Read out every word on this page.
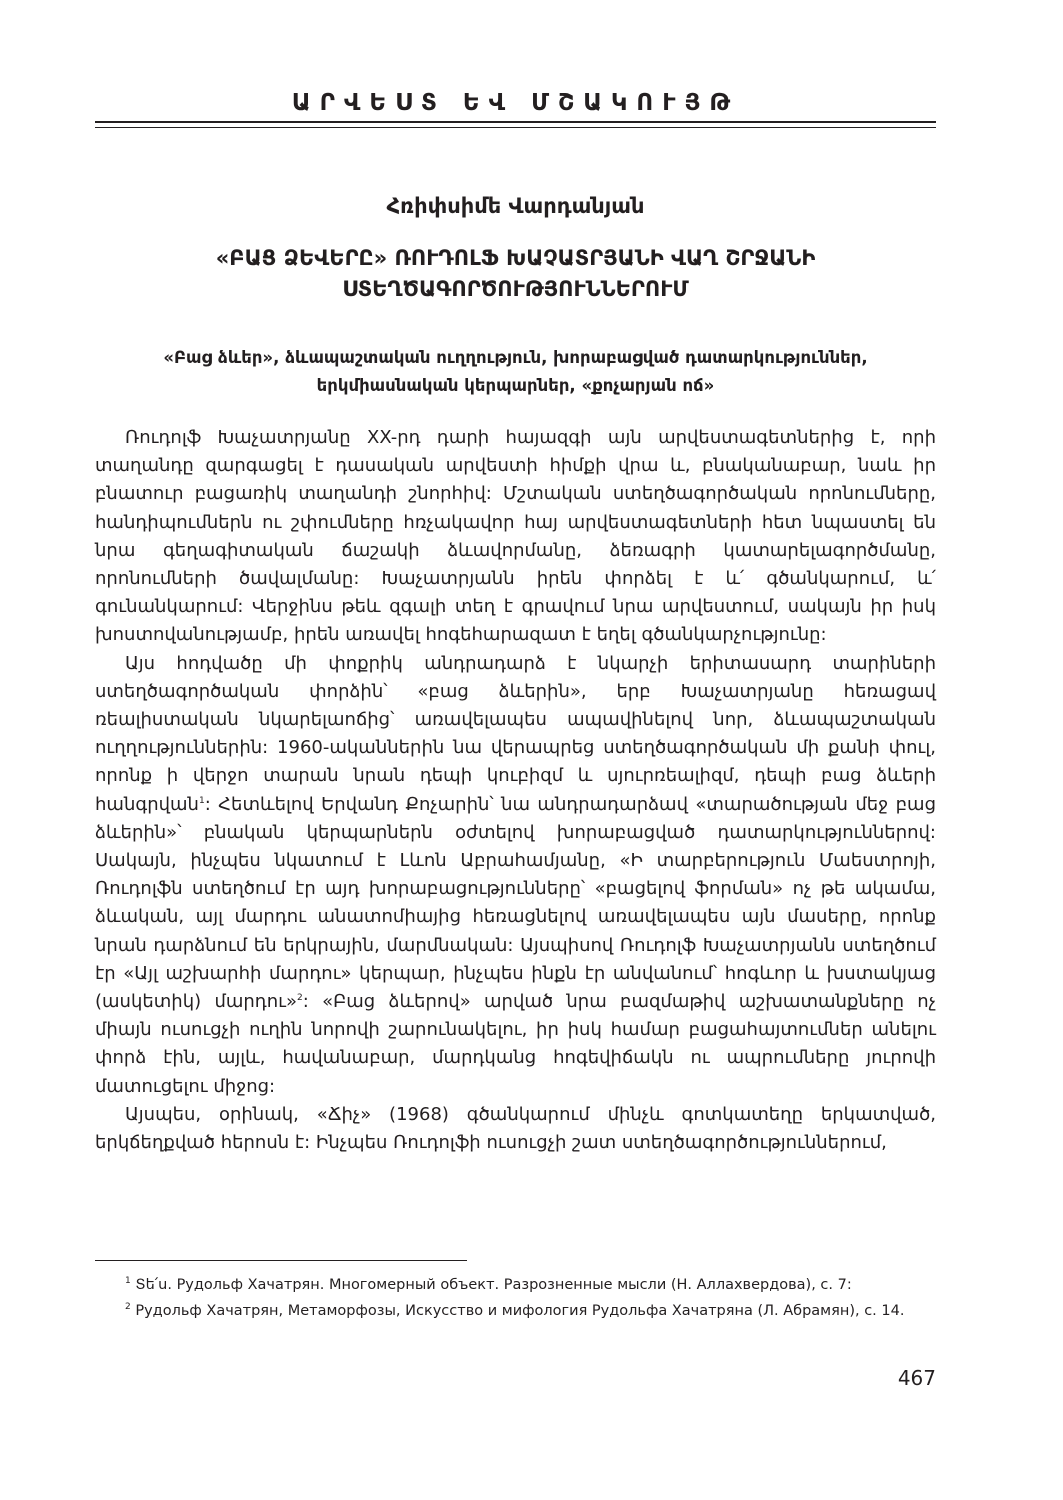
ԱՐՎԵՍՏ ԵՎ ՄՇԱԿՈՒՅԹ
Հռիփսիմե Վարդանյան
«ԲԱՑ ՁԵՎԵՐԸ» ՌՈՒԴՈԼՖ ԽԱՉԱՏՐՅԱՆԻ ՎԱՂ ՇՐՋԱՆԻ
ՍՏԵՂԾԱԳՈՐԾՈՒԹՅՈՒՆՆԵՐՈՒՄ
«Բաց ձևեր», ձևապաշտական ուղղություն, խորաբացված դատարկություններ,
երկմիասնական կերպարներ, «քոչարյան ոճ»

Ռուդոլֆ Խաչատրյանը XX-րդ դարի հայազգի այն արվեստագետներից է, որի տաղանդը զարգացել է դասական արվեստի հիմքի վրա և, բնականաբար, նաև իր բնատուր բացառիկ տաղանդի շնորհիվ: Մշտական ստեղծագործական որոնումները, հանդիպումներն ու շփումները հռչակավոր հայ արվեստագետների հետ նպաստել են նրա գեղագիտական ճաշակի ձևավորմանը, ձեռագրի կատարելագործմանը, որոնումների ծավալմանը: Խաչատրյանն իրեն փորձել է և՛ գծանկարում, և՛ գունանկարում: Վերջինս թեև զգալի տեղ է գրավում նրա արվեստում, սակայն իր իսկ խոստովանությամբ, իրեն առավել հոգեհարազատ է եղել գծանկարչությունը:

Այս հոդվածը մի փոքրիկ անդրադարձ է նկարչի երիտասարդ տարիների ստեղծագործական փորձին՝ «բաց ձևերին», երբ Խաչատրյանը հեռացավ ռեալիստական նկարելաոճից՝ առավելապես ապավինելով նոր, ձևապաշտական ուղղություններին: 1960-ականներին նա վերապրեց ստեղծագործական մի քանի փուլ, որոնք ի վերջո տարան նրան դեպի կուբիզմ և սյուրռեալիզմ, դեպի բաց ձևերի հանգրվան$^1$: Հետևելով Երվանդ Քոչարին՝ նա անդրադարձավ «տարածության մեջ բաց ձևերին»՝ բնական կերպարներն օժտելով խորաբացված դատարկություններով: Սակայն, ինչպես նկատում է Լևոն Աբրահամյանը, «Ի տարբերություն Մաեստրոյի, Ռուդոլֆն ստեղծում էր այդ խորաբացությունները՝ «բացելով ֆորման» ոչ թե ակամա, ձևական, այլ մարդու անատոմիայից հեռացնելով առավելապես այն մասերը, որոնք նրան դարձնում են երկրային, մարմնական: Այսպիսով Ռուդոլֆ Խաչատրյանն ստեղծում էր «Այլ աշխարհի մարդու» կերպար, ինչպես ինքն էր անվանում՝ հոգևոր և խստակյաց (ասկետիկ) մարդու»$^2$: «Բաց ձևերով» արված նրա բազմաթիվ աշխատանքները ոչ միայն ուսուցչի ուղին նորովի շարունակելու, իր իսկ համար բացահայտումներ անելու փորձ էին, այլև, հավանաբար, մարդկանց հոգեվիճակն ու ապրումները յուրովի մատուցելու միջոց:

Այսպես, օրինակ, «Ճիչ» (1968) գծանկարում մինչև գոտկատեղը երկատված, երկճեղքված հերոսն է: Ինչպես Ռուդոլֆի ուսուցչի շատ ստեղծագործություններում,

$^1$ Տե՛ս. Рудольф Хачатрян. Многомерный объект. Разрозненные мысли (Н. Аллахвердова), с. 7:

$^2$ Рудольф Хачатрян, Метаморфозы, Искусство и мифология Рудольфа Хачатряна (Л. Абрамян), с. 14.

467
